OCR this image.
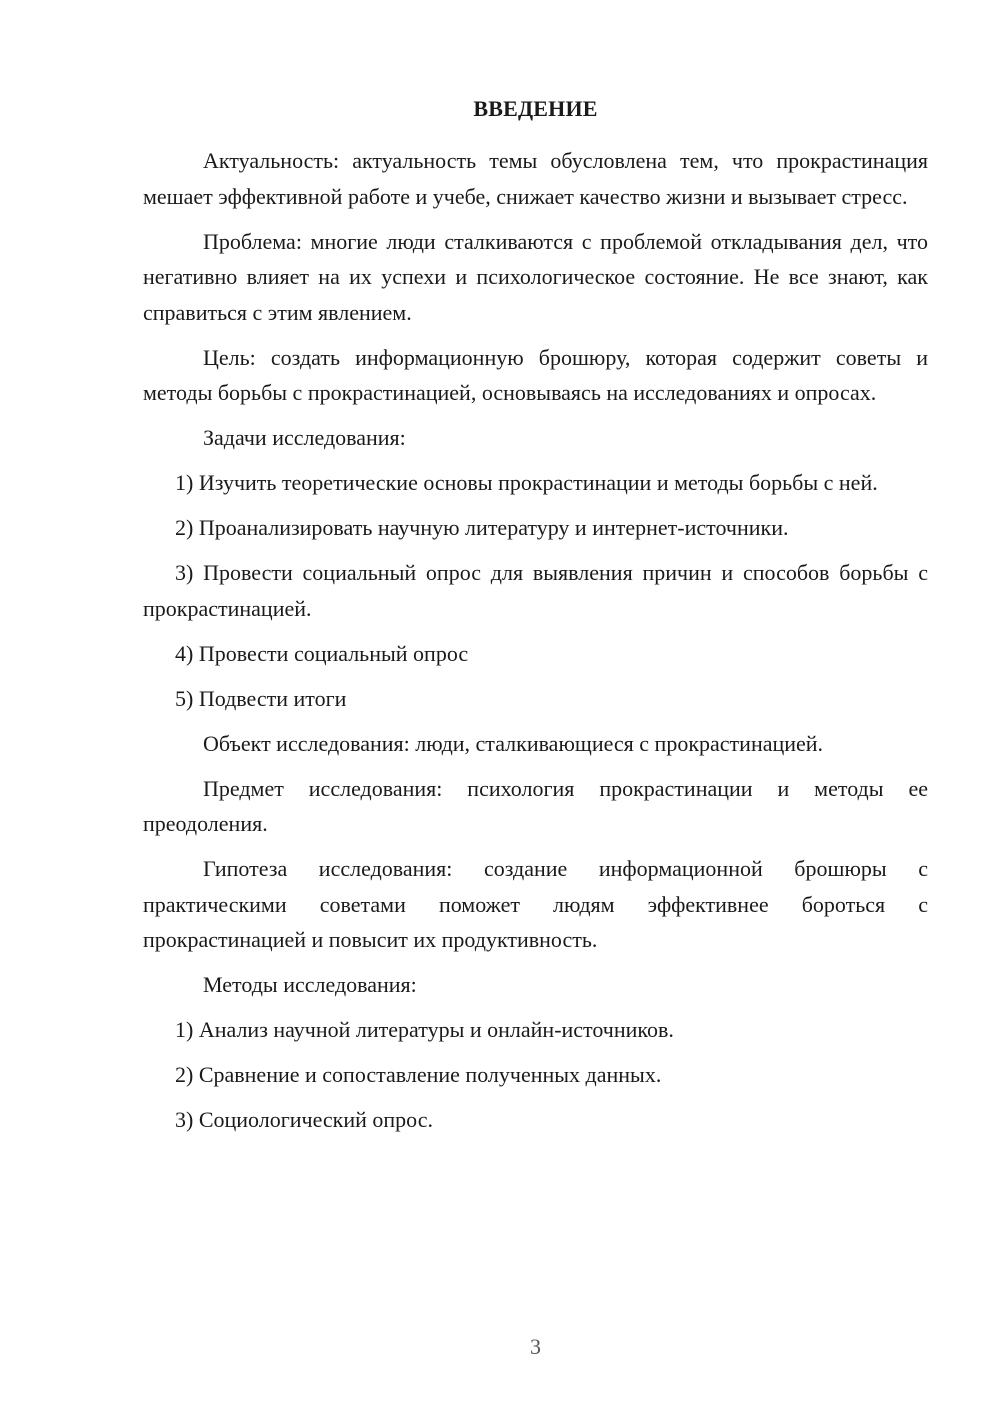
ВВЕДЕНИЕ

Актуальность: актуальность темы обусловлена тем, что прокрастинация мешает эффективной работе и учебе, снижает качество жизни и вызывает стресс.

Проблема: многие люди сталкиваются с проблемой откладывания дел, что негативно влияет на их успехи и психологическое состояние. Не все знают, как справиться с этим явлением.

Цель: создать информационную брошюру, которая содержит советы и методы борьбы с прокрастинацией, основываясь на исследованиях и опросах.

Задачи исследования:

1) Изучить теоретические основы прокрастинации и методы борьбы с ней.

2) Проанализировать научную литературу и интернет-источники.

3) Провести социальный опрос для выявления причин и способов борьбы с прокрастинацией.

4) Провести социальный опрос

5) Подвести итоги

Объект исследования: люди, сталкивающиеся с прокрастинацией.

Предмет исследования: психология прокрастинации и методы ее преодоления.

Гипотеза исследования: создание информационной брошюры с практическими советами поможет людям эффективнее бороться с прокрастинацией и повысит их продуктивность.

Методы исследования:

1) Анализ научной литературы и онлайн-источников.

2) Сравнение и сопоставление полученных данных.

3) Социологический опрос.

3
